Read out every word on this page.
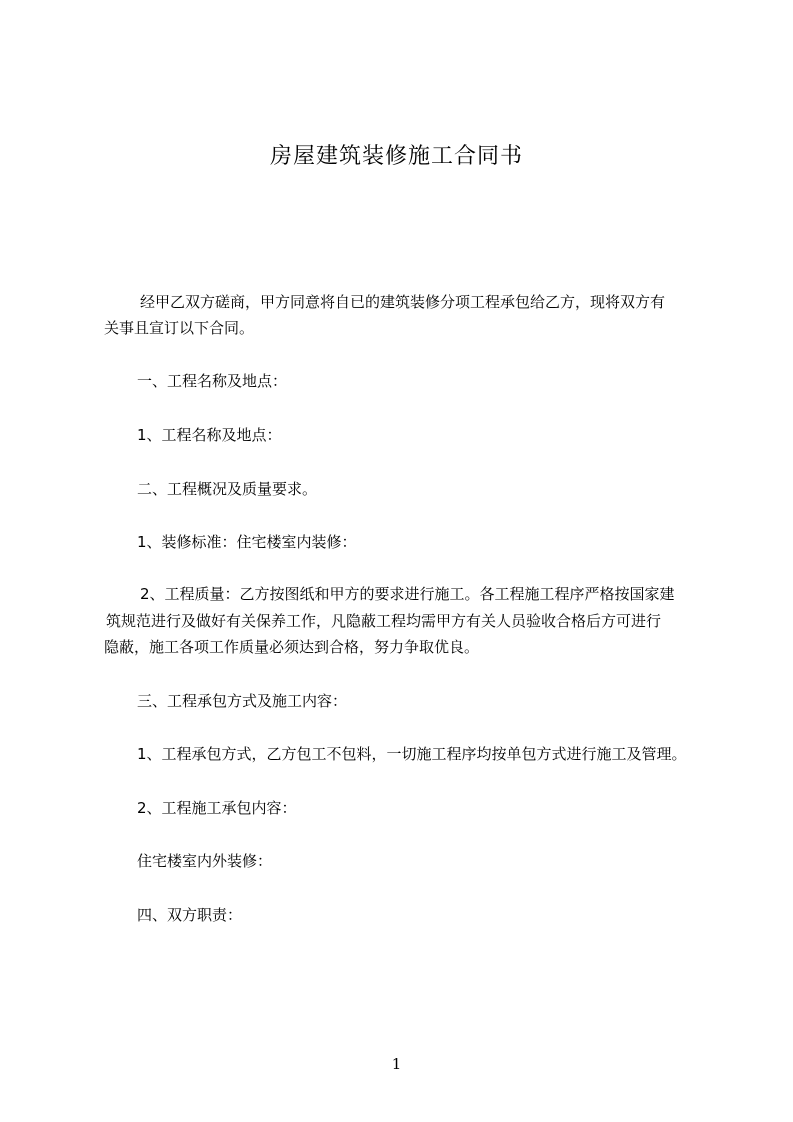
房屋建筑装修施工合同书
经甲乙双方磋商，甲方同意将自已的建筑装修分项工程承包给乙方，现将双方有
关事且宣订以下合同。
一、工程名称及地点：
1、工程名称及地点：
二、工程概况及质量要求。
1、装修标准：住宅楼室内装修：
2、工程质量：乙方按图纸和甲方的要求进行施工。各工程施工程序严格按国家建
筑规范进行及做好有关保养工作，凡隐蔽工程均需甲方有关人员验收合格后方可进行
隐蔽，施工各项工作质量必须达到合格，努力争取优良。
三、工程承包方式及施工内容：
1、工程承包方式，乙方包工不包料，一切施工程序均按单包方式进行施工及管理。
2、工程施工承包内容：
住宅楼室内外装修：
四、双方职责：
1
